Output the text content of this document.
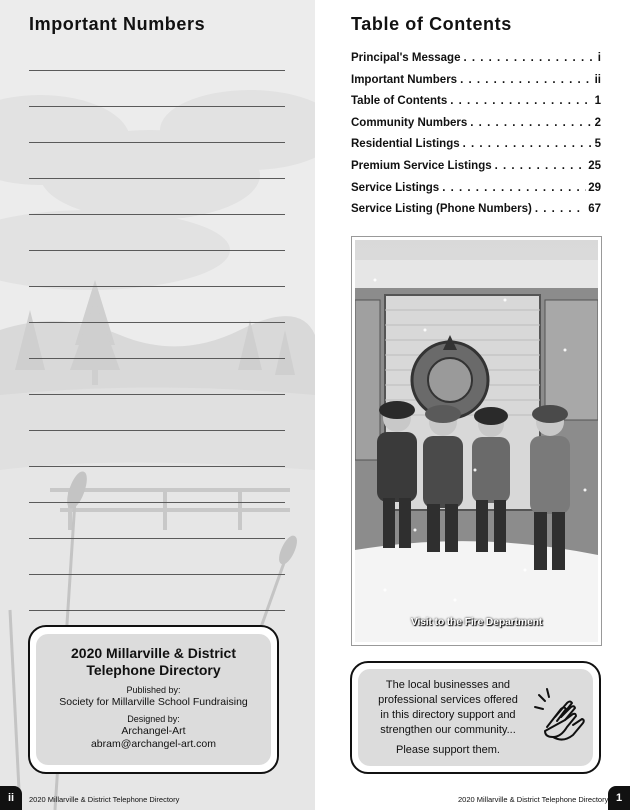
Important Numbers
2020 Millarville & District
Telephone Directory
Published by:
Society for Millarville School Fundraising
Designed by:
Archangel-Art
abram@archangel-art.com
ii	2020 Millarville & District Telephone Directory
Table of Contents
Principal's Message . . .	i
Important Numbers . . .	ii
Table of Contents . . .	1
Community Numbers . . .	2
Residential Listings . . .	5
Premium Service Listings . . .	25
Service Listings . . .	29
Service Listing (Phone Numbers) . . .	67
Visit to the Fire Department
The local businesses and
professional services offered
in this directory support and
strengthen our community...
Please support them.
2020 Millarville & District Telephone Directory 1
